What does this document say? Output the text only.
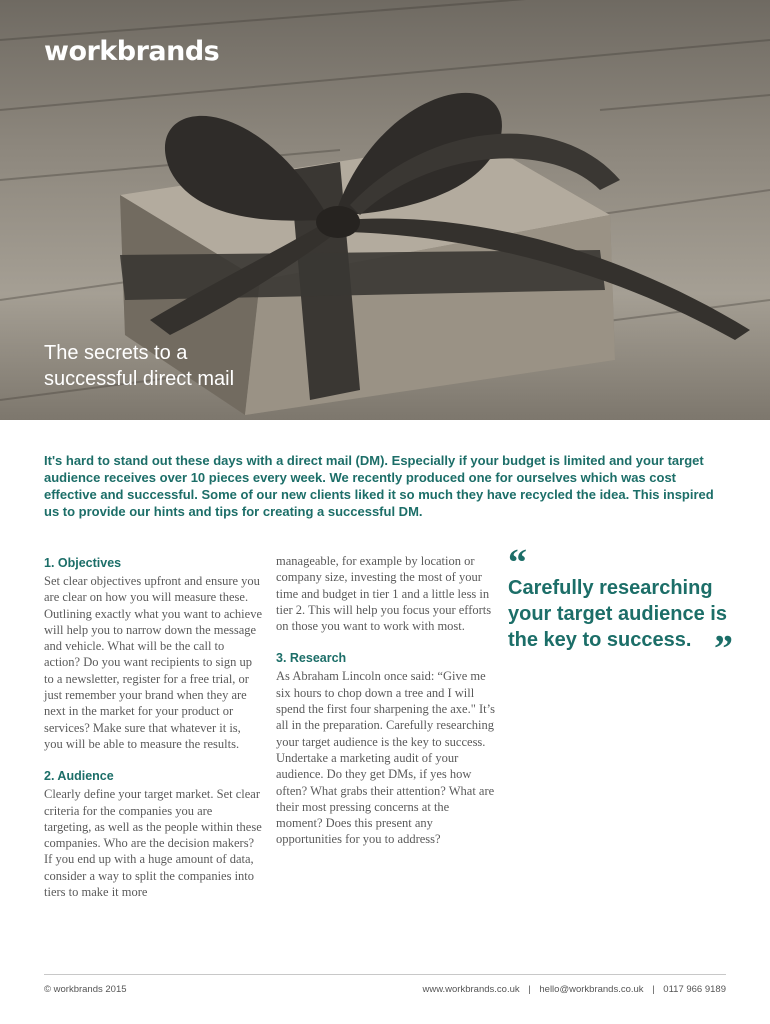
workbrands
The secrets to a
successful direct mail
It's hard to stand out these days with a direct mail (DM). Especially if your budget is limited and your target audience receives over 10 pieces every week. We recently produced one for ourselves which was cost effective and successful. Some of our new clients liked it so much they have recycled the idea. This inspired us to provide our hints and tips for creating a successful DM.
1. Objectives

Set clear objectives upfront and ensure you are clear on how you will measure these. Outlining exactly what you want to achieve will help you to narrow down the message and vehicle. What will be the call to action? Do you want recipients to sign up to a newsletter, register for a free trial, or just remember your brand when they are next in the market for your product or services? Make sure that whatever it is, you will be able to measure the results.

2. Audience

Clearly define your target market. Set clear criteria for the companies you are targeting, as well as the people within these companies. Who are the decision makers? If you end up with a huge amount of data, consider a way to split the companies into tiers to make it more

manageable, for example by location or company size, investing the most of your time and budget in tier 1 and a little less in tier 2. This will help you focus your efforts on those you want to work with most.

3. Research

As Abraham Lincoln once said: “Give me six hours to chop down a tree and I will spend the first four sharpening the axe." It’s all in the preparation. Carefully researching your target audience is the key to success. Undertake a marketing audit of your audience. Do they get DMs, if yes how often? What grabs their attention? What are their most pressing concerns at the moment? Does this present any opportunities for you to address?

“
Carefully researching your target audience is the key to success. ”
© workbrands 2015	www.workbrands.co.uk | hello@workbrands.co.uk | 0117 966 9189
